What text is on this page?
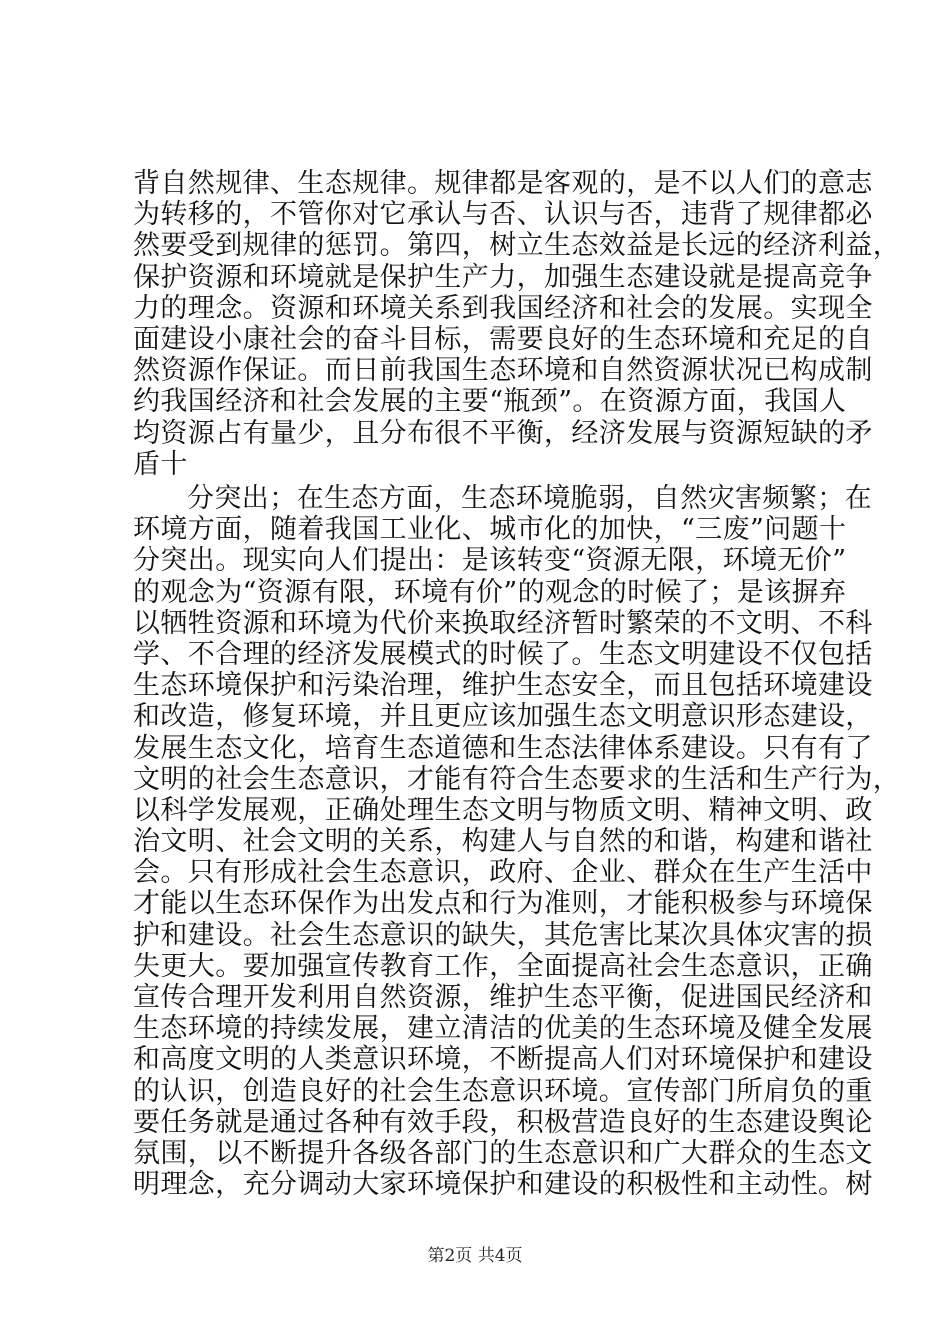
背自然规律、生态规律。规律都是客观的，是不以人们的意志
为转移的，不管你对它承认与否、认识与否，违背了规律都必
然要受到规律的惩罚。第四，树立生态效益是长远的经济利益，
保护资源和环境就是保护生产力，加强生态建设就是提高竞争
力的理念。资源和环境关系到我国经济和社会的发展。实现全
面建设小康社会的奋斗目标，需要良好的生态环境和充足的自
然资源作保证。而日前我国生态环境和自然资源状况已构成制
约我国经济和社会发展的主要“瓶颈”。在资源方面，我国人
均资源占有量少，且分布很不平衡，经济发展与资源短缺的矛
盾十
分突出；在生态方面，生态环境脆弱，自然灾害频繁；在
环境方面，随着我国工业化、城市化的加快，“三废”问题十
分突出。现实向人们提出：是该转变“资源无限，环境无价”
的观念为“资源有限，环境有价”的观念的时候了；是该摒弃
以牺牲资源和环境为代价来换取经济暂时繁荣的不文明、不科
学、不合理的经济发展模式的时候了。生态文明建设不仅包括
生态环境保护和污染治理，维护生态安全，而且包括环境建设
和改造，修复环境，并且更应该加强生态文明意识形态建设，
发展生态文化，培育生态道德和生态法律体系建设。只有有了
文明的社会生态意识，才能有符合生态要求的生活和生产行为，
以科学发展观，正确处理生态文明与物质文明、精神文明、政
治文明、社会文明的关系，构建人与自然的和谐，构建和谐社
会。只有形成社会生态意识，政府、企业、群众在生产生活中
才能以生态环保作为出发点和行为准则，才能积极参与环境保
护和建设。社会生态意识的缺失，其危害比某次具体灾害的损
失更大。要加强宣传教育工作，全面提高社会生态意识，正确
宣传合理开发利用自然资源，维护生态平衡，促进国民经济和
生态环境的持续发展，建立清洁的优美的生态环境及健全发展
和高度文明的人类意识环境，不断提高人们对环境保护和建设
的认识，创造良好的社会生态意识环境。宣传部门所肩负的重
要任务就是通过各种有效手段，积极营造良好的生态建设舆论
氛围，以不断提升各级各部门的生态意识和广大群众的生态文
明理念，充分调动大家环境保护和建设的积极性和主动性。树
第2页 共4页
